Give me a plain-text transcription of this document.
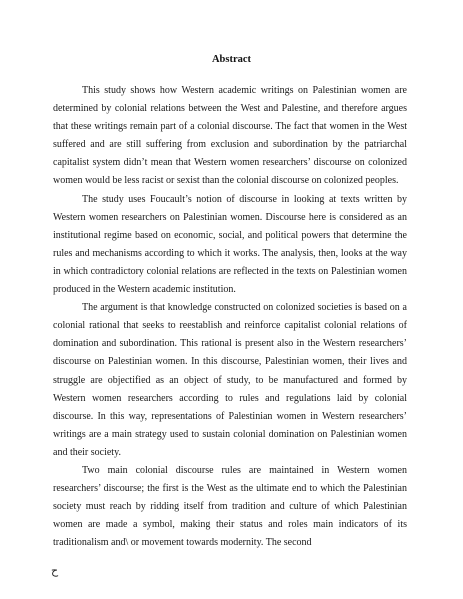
Abstract

This study shows how Western academic writings on Palestinian women are determined by colonial relations between the West and Palestine, and therefore argues that these writings remain part of a colonial discourse. The fact that women in the West suffered and are still suffering from exclusion and subordination by the patriarchal capitalist system didn’t mean that Western women researchers’ discourse on colonized women would be less racist or sexist than the colonial discourse on colonized peoples.

The study uses Foucault’s notion of discourse in looking at texts written by Western women researchers on Palestinian women. Discourse here is considered as an institutional regime based on economic, social, and political powers that determine the rules and mechanisms according to which it works. The analysis, then, looks at the way in which contradictory colonial relations are reflected in the texts on Palestinian women produced in the Western academic institution.

The argument is that knowledge constructed on colonized societies is based on a colonial rational that seeks to reestablish and reinforce capitalist colonial relations of domination and subordination. This rational is present also in the Western researchers’ discourse on Palestinian women. In this discourse, Palestinian women, their lives and struggle are objectified as an object of study, to be manufactured and formed by Western women researchers according to rules and regulations laid by colonial discourse. In this way, representations of Palestinian women in Western researchers’ writings are a main strategy used to sustain colonial domination on Palestinian women and their society.

Two main colonial discourse rules are maintained in Western women researchers’ discourse; the first is the West as the ultimate end to which the Palestinian society must reach by ridding itself from tradition and culture of which Palestinian women are made a symbol, making their status and roles main indicators of its traditionalism and\ or movement towards modernity. The second

ح
